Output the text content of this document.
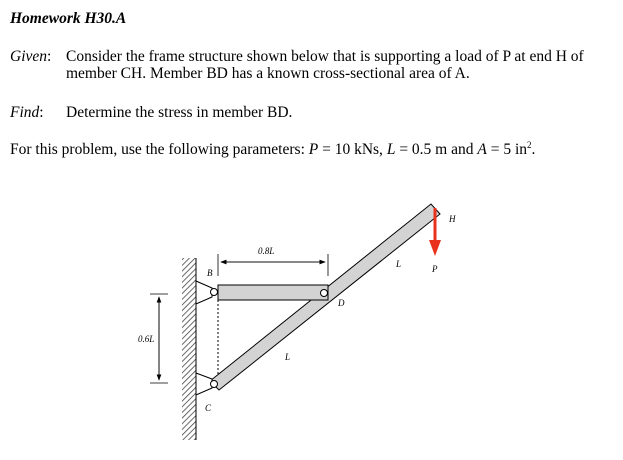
Homework H30.A
Given: Consider the frame structure shown below that is supporting a load of P at end H of member CH. Member BD has a known cross-sectional area of A.
Find: Determine the stress in member BD.
For this problem, use the following parameters: P = 10 kNs, L = 0.5 m and A = 5 $in^2$.
B
C
D
H
P
L
L
0.8L
0.6L
